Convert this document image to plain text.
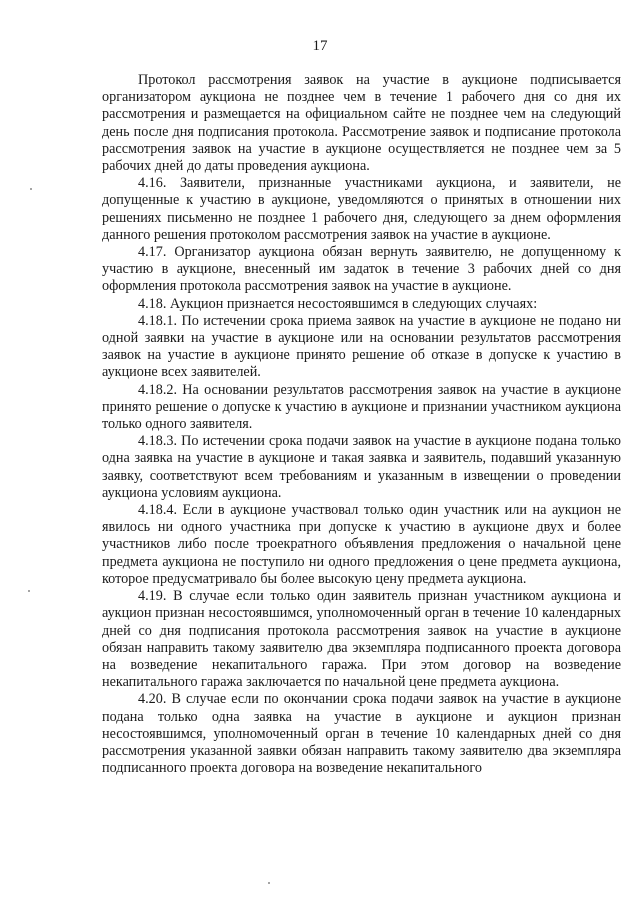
17

Протокол рассмотрения заявок на участие в аукционе подписывается организатором аукциона не позднее чем в течение 1 рабочего дня со дня их рассмотрения и размещается на официальном сайте не позднее чем на следующий день после дня подписания протокола. Рассмотрение заявок и подписание протокола рассмотрения заявок на участие в аукционе осуществляется не позднее чем за 5 рабочих дней до даты проведения аукциона.

4.16. Заявители, признанные участниками аукциона, и заявители, не допущенные к участию в аукционе, уведомляются о принятых в отношении них решениях письменно не позднее 1 рабочего дня, следующего за днем оформления данного решения протоколом рассмотрения заявок на участие в аукционе.

4.17. Организатор аукциона обязан вернуть заявителю, не допущенному к участию в аукционе, внесенный им задаток в течение 3 рабочих дней со дня оформления протокола рассмотрения заявок на участие в аукционе.

4.18. Аукцион признается несостоявшимся в следующих случаях:

4.18.1. По истечении срока приема заявок на участие в аукционе не подано ни одной заявки на участие в аукционе или на основании результатов рассмотрения заявок на участие в аукционе принято решение об отказе в допуске к участию в аукционе всех заявителей.

4.18.2. На основании результатов рассмотрения заявок на участие в аукционе принято решение о допуске к участию в аукционе и признании участником аукциона только одного заявителя.

4.18.3. По истечении срока подачи заявок на участие в аукционе подана только одна заявка на участие в аукционе и такая заявка и заявитель, подавший указанную заявку, соответствуют всем требованиям и указанным в извещении о проведении аукциона условиям аукциона.

4.18.4. Если в аукционе участвовал только один участник или на аукцион не явилось ни одного участника при допуске к участию в аукционе двух и более участников либо после троекратного объявления предложения о начальной цене предмета аукциона не поступило ни одного предложения о цене предмета аукциона, которое предусматривало бы более высокую цену предмета аукциона.

4.19. В случае если только один заявитель признан участником аукциона и аукцион признан несостоявшимся, уполномоченный орган в течение 10 календарных дней со дня подписания протокола рассмотрения заявок на участие в аукционе обязан направить такому заявителю два экземпляра подписанного проекта договора на возведение некапитального гаража. При этом договор на возведение некапитального гаража заключается по начальной цене предмета аукциона.

4.20. В случае если по окончании срока подачи заявок на участие в аукционе подана только одна заявка на участие в аукционе и аукцион признан несостоявшимся, уполномоченный орган в течение 10 календарных дней со дня рассмотрения указанной заявки обязан направить такому заявителю два экземпляра подписанного проекта договора на возведение некапитального
